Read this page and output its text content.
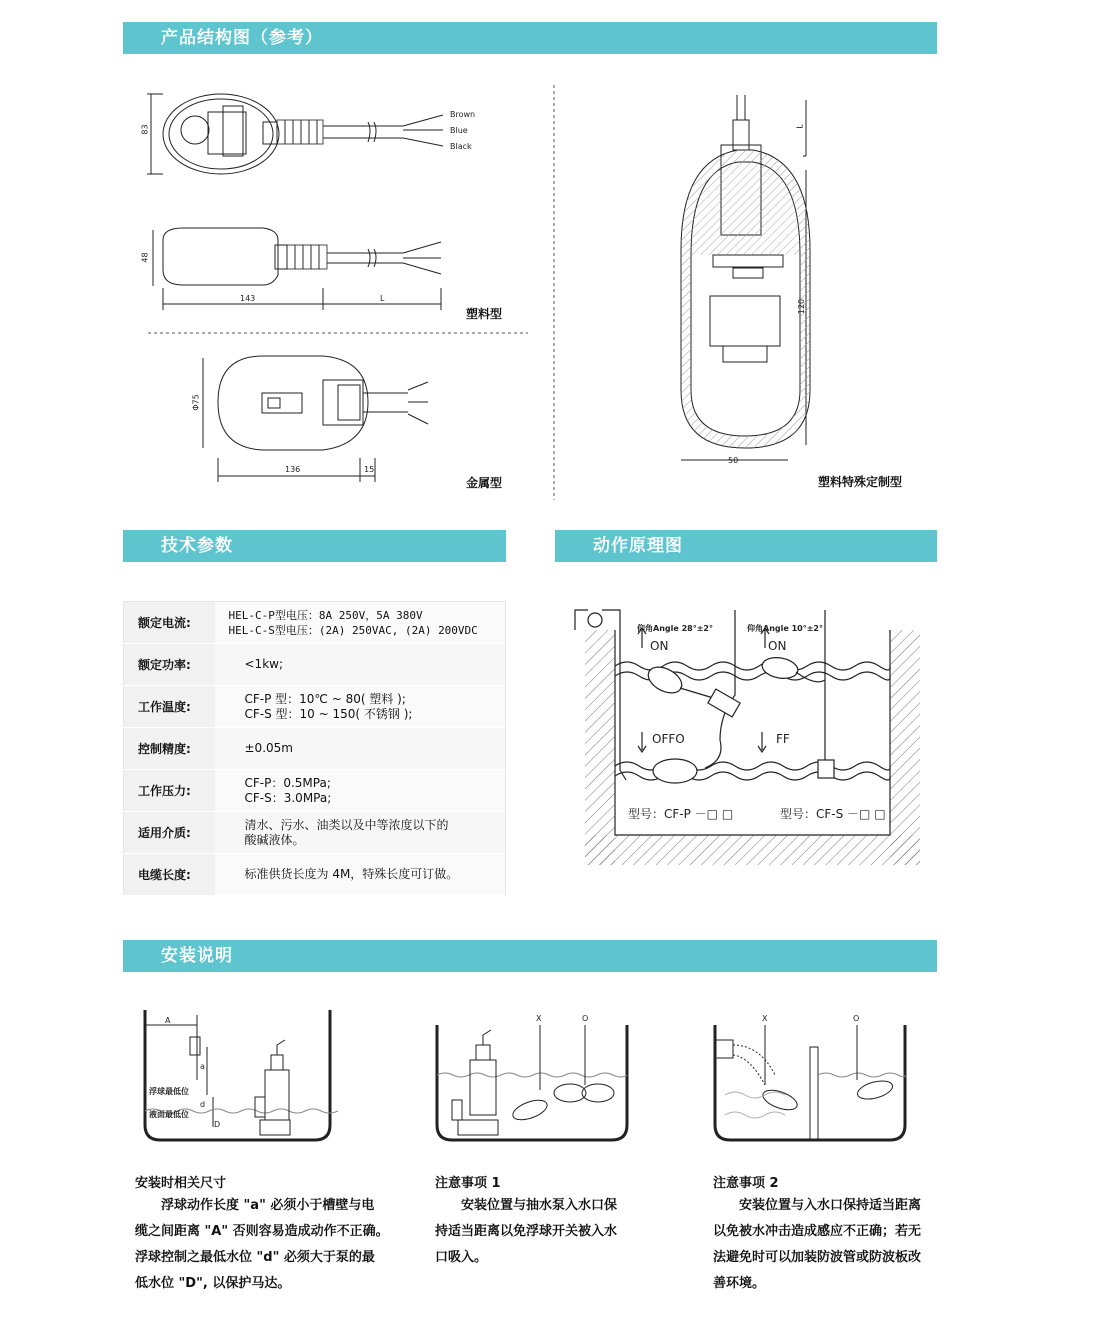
产品结构图（参考）
技术参数	动作原理图
安装说明
Brown
Blue
Black
83
48
143	L
塑料型
Φ75
136	15
金属型
L
120
50
塑料特殊定制型
额定电流:	HEL-C-P型电压：8A 250V，5A 380V
HEL-C-S型电压：(2A) 250VAC, (2A) 200VDC

额定功率:	<1kw;

工作温度:	CF-P 型：10℃ ~ 80( 塑料 );
CF-S 型：10 ~ 150( 不锈钢 );

控制精度:	±0.05m

工作压力:	CF-P：0.5MPa;
CF-S：3.0MPa;

适用介质:	清水、污水、油类以及中等浓度以下的
酸碱液体。

电缆长度:	标准供货长度为 4M，特殊长度可订做。
仰角Angle 28°±2°	仰角Angle 10°±2°
ON	ON
OFFO	FF
型号：CF-P －□ □	型号：CF-S －□ □
A
a
d
D
浮球最低位
液面最低位
X	O	X	O
安装时相关尺寸	注意事项 1	注意事项 2
浮球动作长度 "a" 必须小于槽壁与电
缆之间距离 "A" 否则容易造成动作不正确。
浮球控制之最低水位 "d" 必须大于泵的最
低水位 "D", 以保护马达。
安装位置与抽水泵入水口保
持适当距离以免浮球开关被入水
口吸入。
安装位置与入水口保持适当距离
以免被水冲击造成感应不正确；若无
法避免时可以加装防波管或防波板改
善环境。
